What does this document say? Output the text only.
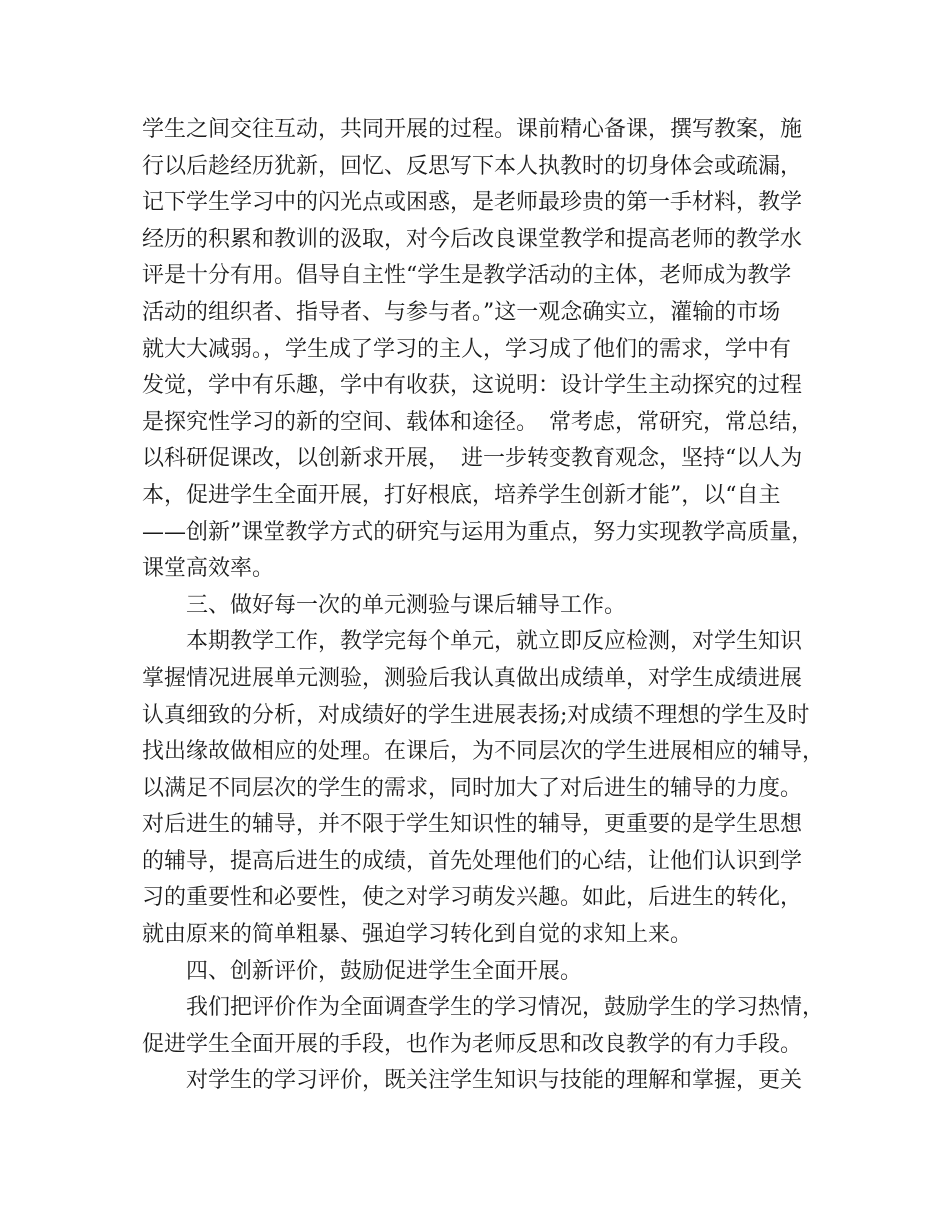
学生之间交往互动，共同开展的过程。课前精心备课，撰写教案，施
行以后趁经历犹新，回忆、反思写下本人执教时的切身体会或疏漏，
记下学生学习中的闪光点或困惑，是老师最珍贵的第一手材料，教学
经历的积累和教训的汲取，对今后改良课堂教学和提高老师的教学水
评是十分有用。倡导自主性“学生是教学活动的主体，老师成为教学
活动的组织者、指导者、与参与者。”这一观念确实立，灌输的市场
就大大减弱。，学生成了学习的主人，学习成了他们的需求，学中有
发觉，学中有乐趣，学中有收获，这说明：设计学生主动探究的过程
是探究性学习的新的空间、载体和途径。　常考虑，常研究，常总结，
以科研促课改，以创新求开展，　进一步转变教育观念，坚持“以人为
本，促进学生全面开展，打好根底，培养学生创新才能”，以“自主
——创新”课堂教学方式的研究与运用为重点，努力实现教学高质量，
课堂高效率。
三、做好每一次的单元测验与课后辅导工作。
本期教学工作，教学完每个单元，就立即反应检测，对学生知识
掌握情况进展单元测验，测验后我认真做出成绩单，对学生成绩进展
认真细致的分析，对成绩好的学生进展表扬;对成绩不理想的学生及时
找出缘故做相应的处理。在课后，为不同层次的学生进展相应的辅导，
以满足不同层次的学生的需求，同时加大了对后进生的辅导的力度。
对后进生的辅导，并不限于学生知识性的辅导，更重要的是学生思想
的辅导，提高后进生的成绩，首先处理他们的心结，让他们认识到学
习的重要性和必要性，使之对学习萌发兴趣。如此，后进生的转化，
就由原来的简单粗暴、强迫学习转化到自觉的求知上来。
四、创新评价，鼓励促进学生全面开展。
我们把评价作为全面调查学生的学习情况，鼓励学生的学习热情，
促进学生全面开展的手段，也作为老师反思和改良教学的有力手段。
对学生的学习评价，既关注学生知识与技能的理解和掌握，更关
